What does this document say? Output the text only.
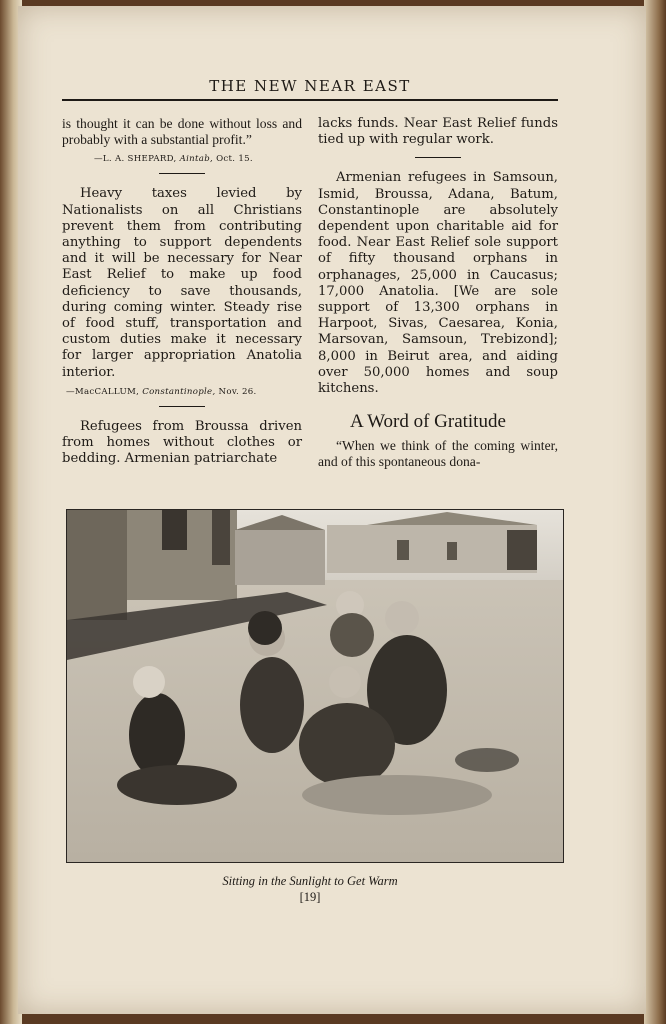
THE NEW NEAR EAST

is thought it can be done without loss and probably with a substantial profit.”

—L. A. SHEPARD, Aintab, Oct. 15.

Heavy taxes levied by Nationalists on all Christians prevent them from contributing anything to support dependents and it will be necessary for Near East Relief to make up food deficiency to save thousands, during coming winter. Steady rise of food stuff, transportation and custom duties make it necessary for larger appropriation Anatolia interior.

—MacCALLUM, Constantinople, Nov. 26.

Refugees from Broussa driven from homes without clothes or bedding. Armenian patriarchate

lacks funds. Near East Relief funds tied up with regular work.

Armenian refugees in Samsoun, Ismid, Broussa, Adana, Batum, Constantinople are absolutely dependent upon charitable aid for food. Near East Relief sole support of fifty thousand orphans in orphanages, 25,000 in Caucasus; 17,000 Anatolia. [We are sole support of 13,300 orphans in Harpoot, Sivas, Caesarea, Konia, Marsovan, Samsoun, Trebizond]; 8,000 in Beirut area, and aiding over 50,000 homes and soup kitchens.

A Word of Gratitude

“When we think of the coming winter, and of this spontaneous dona-

Sitting in the Sunlight to Get Warm
[19]
